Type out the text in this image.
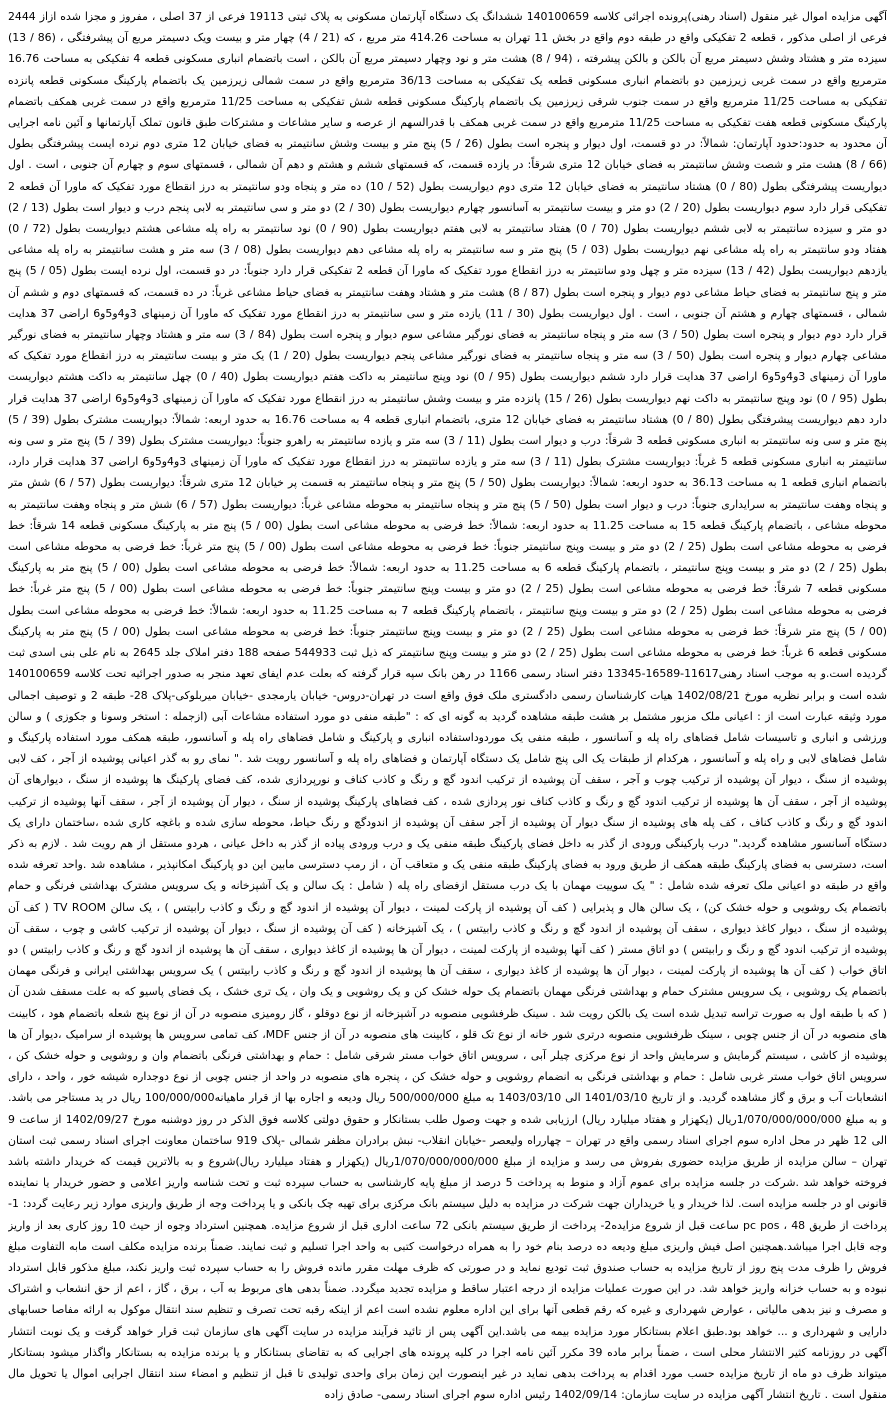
آگهی مزایده اموال غیر منقول (اسناد رهنی)پرونده اجرائی کلاسه 140100659 ششدانگ یک دستگاه آپارتمان مسکونی به پلاک ثبتی 19113 فرعی از 37 اصلی ، مفروز و مجزا شده ازاز 2444 فرعی از اصلی مذکور ، قطعه 2 تفکیکی واقع در طبقه دوم واقع در بخش 11 تهران به مساحت 414.26 متر مربع ، که (21 / 4) چهار متر و بیست ویک دسیمتر مربع آن پیشرفتگی ، (86 / 13) سیزده متر و هشتاد وشش دسیمتر مربع آن بالکن و بالکن پیشرفته ، (94 / 8) هشت متر و نود وچهار دسیمتر مربع آن بالکن ، است باتضمام انباری مسکونی قطعه 4 تفکیکی به مساحت 16.76 مترمربع واقع در سمت غربی زیرزمین دو باتضمام انباری مسکونی قطعه یک تفکیکی به مساحت 36/13 مترمربع واقع در سمت شمالی زیرزمین یک باتضمام پارکینگ مسکونی قطعه پانزده تفکیکی به مساحت 11/25 مترمربع واقع در سمت جنوب شرقی زیرزمین یک باتضمام پارکینگ مسکونی قطعه شش تفکیکی به مساحت 11/25 مترمربع واقع در سمت غربی همکف باتضمام پارکینگ مسکونی قطعه هفت تفکیکی به مساحت 11/25 مترمربع واقع در سمت غربی همکف با قدرالسهم از عرصه و سایر مشاعات و مشترکات طبق قانون تملک آپارتمانها و آئین نامه اجرایی آن محدود به حدود:حدود آپارتمان: شمالاً: در دو قسمت، اول دیوار و پنجره است بطول (26 / 5) پنج متر و بیست وشش سانتیمتر به فضای خیابان 12 متری دوم نرده ایست پیشرفتگی بطول (66 / 8) هشت متر و شصت وشش سانتیمتر به فضای خیابان 12 متری شرقاً: در یازده قسمت، که قسمتهای ششم و هشتم و دهم آن شمالی ، قسمتهای سوم و چهارم آن جنوبی ، است . اول دیواریست پیشرفتگی بطول (80 / 0) هشتاد سانتیمتر به فضای خیابان 12 متری دوم دیواریست بطول (52 / 10) ده متر و پنجاه ودو سانتیمتر به درز انقطاع مورد تفکیک که ماورا آن قطعه 2 تفکیکی قرار دارد سوم دیواریست بطول (20 / 2) دو متر و بیست سانتیمتر به آسانسور چهارم دیواریست بطول (30 / 2) دو متر و سی سانتیمتر به لابی پنجم درب و دیوار است بطول (13 / 2) دو متر و سیزده سانتیمتر به لابی ششم دیواریست بطول (70 / 0) هفتاد سانتیمتر به لابی هفتم دیواریست بطول (90 / 0) نود سانتیمتر به راه پله مشاعی هشتم دیواریست بطول (72 / 0) هفتاد ودو سانتیمتر به راه پله مشاعی نهم دیواریست بطول (03 / 5) پنج متر و سه سانتیمتر به راه پله مشاعی دهم دیواریست بطول (08 / 3) سه متر و هشت سانتیمتر به راه پله مشاعی یازدهم دیواریست بطول (42 / 13) سیزده متر و چهل ودو سانتیمتر به درز انقطاع مورد تفکیک که ماورا آن قطعه 2 تفکیکی قرار دارد جنوباً: در دو قسمت، اول نرده ایست بطول (05 / 5) پنج متر و پنج سانتیمتر به فضای حیاط مشاعی دوم دیوار و پنجره است بطول (87 / 8) هشت متر و هشتاد وهفت سانتیمتر به فضای حیاط مشاعی غرباً: در ده قسمت، که قسمتهای دوم و ششم آن شمالی ، قسمتهای چهارم و هشتم آن جنوبی ، است . اول دیواریست بطول (30 / 11) یازده متر و سی سانتیمتر به درز انقطاع مورد تفکیک که ماورا آن زمینهای 3و4و5و6 اراضی 37 هدایت قرار دارد دوم دیوار و پنجره است بطول (50 / 3) سه متر و پنجاه سانتیمتر به فضای نورگیر مشاعی سوم دیوار و پنجره است بطول (84 / 3) سه متر و هشتاد وچهار سانتیمتر به فضای نورگیر مشاعی چهارم دیوار و پنجره است بطول (50 / 3) سه متر و پنجاه سانتیمتر به فضای نورگیر مشاعی پنجم دیواریست بطول (20 / 1) یک متر و بیست سانتیمتر به درز انقطاع مورد تفکیک که ماورا آن زمینهای 3و4و5و6 اراضی 37 هدایت قرار دارد ششم دیواریست بطول (95 / 0) نود وپنج سانتیمتر به داکت هفتم دیواریست بطول (40 / 0) چهل سانتیمتر به داکت هشتم دیواریست بطول (95 / 0) نود وپنج سانتیمتر به داکت نهم دیواریست بطول (26 / 15) پانزده متر و بیست وشش سانتیمتر به درز انقطاع مورد تفکیک که ماورا آن زمینهای 3و4و5و6 اراضی 37 هدایت قرار دارد دهم دیواریست پیشرفتگی بطول (80 / 0) هشتاد سانتیمتر به فضای خیابان 12 متری، باتضمام انباری قطعه 4 به مساحت 16.76 به حدود اربعه: شمالاً: دیواریست مشترک بطول (39 / 5) پنج متر و سی ونه سانتیمتر به انباری مسکونی قطعه 3 شرقاً: درب و دیوار است بطول (11 / 3) سه متر و یازده سانتیمتر به راهرو جنوباً: دیواریست مشترک بطول (39 / 5) پنج متر و سی ونه سانتیمتر به انباری مسکونی قطعه 5 غرباً: دیواریست مشترک بطول (11 / 3) سه متر و یازده سانتیمتر به درز انقطاع مورد تفکیک که ماورا آن زمینهای 3و4و5و6 اراضی 37 هدایت قرار دارد، باتضمام انباری قطعه 1 به مساحت 36.13 به حدود اربعه: شمالاً: دیواریست بطول (50 / 5) پنج متر و پنجاه سانتیمتر به قسمت پر خیابان 12 متری شرقاً: دیواریست بطول (57 / 6) شش متر و پنجاه وهفت سانتیمتر به سرایداری جنوباً: درب و دیوار است بطول (50 / 5) پنج متر و پنجاه سانتیمتر به محوطه مشاعی غرباً: دیواریست بطول (57 / 6) شش متر و پنجاه وهفت سانتیمتر به محوطه مشاعی ، باتضمام پارکینگ قطعه 15 به مساحت 11.25 به حدود اربعه: شمالاً: خط فرضی به محوطه مشاعی است بطول (00 / 5) پنج متر به پارکینگ مسکونی قطعه 14 شرقاً: خط فرضی به محوطه مشاعی است بطول (25 / 2) دو متر و بیست وپنج سانتیمتر جنوباً: خط فرضی به محوطه مشاعی است بطول (00 / 5) پنج متر غرباً: خط فرضی به محوطه مشاعی است بطول (25 / 2) دو متر و بیست وپنج سانتیمتر ، باتضمام پارکینگ قطعه 6 به مساحت 11.25 به حدود اربعه: شمالاً: خط فرضی به محوطه مشاعی است بطول (00 / 5) پنج متر به پارکینگ مسکونی قطعه 7 شرقاً: خط فرضی به محوطه مشاعی است بطول (25 / 2) دو متر و بیست وپنج سانتیمتر جنوباً: خط فرضی به محوطه مشاعی است بطول (00 / 5) پنج متر غرباً: خط فرضی به محوطه مشاعی است بطول (25 / 2) دو متر و بیست وپنج سانتیمتر ، باتضمام پارکینگ قطعه 7 به مساحت 11.25 به حدود اربعه: شمالاً: خط فرضی به محوطه مشاعی است بطول (00 / 5) پنج متر شرقاً: خط فرضی به محوطه مشاعی است بطول (25 / 2) دو متر و بیست وپنج سانتیمتر جنوباً: خط فرضی به محوطه مشاعی است بطول (00 / 5) پنج متر به پارکینگ مسکونی قطعه 6 غرباً: خط فرضی به محوطه مشاعی است بطول (25 / 2) دو متر و بیست وپنج سانتیمتر که ذیل ثبت 544933 صفحه 188 دفتر املاک جلد 2645 به نام علی بنی اسدی ثبت گردیده است.و به موجب اسناد رهنی11617-16589-13345 دفتر اسناد رسمی 1166 در رهن بانک سپه قرار گرفته که بعلت عدم ایفای تعهد منجر به صدور اجرائیه تحت کلاسه 140100659 شده است و برابر نظریه مورخ 1402/08/21 هیات کارشناسان رسمی دادگستری ملک فوق واقع است در تهران-دروس- خیابان یارمجدی -خیابان میربلوکی-پلاک 28- طبقه 2 و توصیف اجمالی مورد وثیقه عبارت است از : اعیانی ملک مزبور مشتمل بر هشت طبقه مشاهده گردید به گونه ای که : "طبقه منفی دو مورد استفاده مشاعات آبی (ازجمله : استخر وسونا و جکوزی ) و سالن ورزشی و انباری و تاسیسات شامل فضاهای راه پله و آسانسور ، طبقه منفی یک موردوداستفاده انباری و پارکینگ و شامل فضاهای راه پله و آسانسور، طبقه همکف مورد استفاده پارکینگ و شامل فضاهای لابی و راه پله و آسانسور ، هرکدام از طبقات یک الی پنج شامل یک دستگاه آپارتمان و فضاهای راه پله و آسانسور رویت شد ." نمای رو به گذر اعیانی پوشیده از آجر ، کف لابی پوشیده از سنگ ، دیوار آن پوشیده از ترکیب چوب و آجر ، سقف آن پوشیده از ترکیب اندود گچ و رنگ و کاذب کناف و نورپردازی شده، کف فضای پارکینگ ها پوشیده از سنگ ، دیوارهای آن پوشیده از آجر ، سقف آن ها پوشیده از ترکیب اندود گچ و رنگ و کاذب کناف نور پردازی شده ، کف فضاهای پارکینگ پوشیده از سنگ ، دیوار آن پوشیده از آجر ، سقف آنها پوشیده از ترکیب اندود گچ و رنگ و کاذب کناف ، کف پله های پوشیده از سنگ دیوار آن پوشیده از آجر سقف آن پوشیده از اندودگچ و رنگ حیاط، محوطه سازی شده و باغچه کاری شده ،ساختمان دارای یک دستگاه آسانسور مشاهده گردید." درب پارکینگی ورودی از گذر به داخل فضای پارکینگ طبقه منفی یک و درب ورودی پیاده از گذر به داخل عیانی ، هردو مستقل از هم رویت شد . لازم به ذکر است، دسترسی به فضای پارکینگ طبقه همکف از طریق ورود به فضای پارکینگ طبقه منفی یک و متعاقب آن ، از رمپ دسترسی مابین این دو پارکینگ امکانپذیر ، مشاهده شد .واحد تعرفه شده واقع در طبقه دو اعیانی ملک تعرفه شده شامل : " یک سوییت مهمان با یک درب مستقل ازفضای راه پله ( شامل : یک سالن و یک آشپزخانه و یک سرویس مشترک بهداشتی فرنگی و حمام باتضمام یک روشویی و حوله خشک کن) ، یک سالن هال و پذیرایی ( کف آن پوشیده از پارکت لمینت ، دیوار آن پوشیده از اندود گچ و رنگ و کاذب رابیتس ) ، یک سالن TV ROOM ( کف آن پوشیده از سنگ ، دیوار کاغذ دیواری ، سقف آن پوشیده از اندود گچ و رنگ و کاذب رابیتس ) ، یک آشپزخانه ( کف آن پوشیده از سنگ ، دیوار آن پوشیده از ترکیب کاشی و چوب ، سقف آن پوشیده از ترکیب اندود گچ و رنگ و رابیتس ) دو اتاق مستر ( کف آنها پوشیده از پارکت لمینت ، دیوار آن ها پوشیده از کاغذ دیواری ، سقف آن ها پوشیده از اندود گچ و رنگ و کاذب رابیتس ) دو اتاق خواب ( کف آن ها پوشیده از پارکت لمینت ، دیوار آن ها پوشیده از کاغذ دیواری ، سقف آن ها پوشیده از اندود گچ و رنگ و کاذب رابیتس ) یک سرویس بهداشتی ایرانی و فرنگی مهمان باتضمام یک روشویی ، یک سرویس مشترک حمام و بهداشتی فرنگی مهمان باتضمام یک حوله خشک کن و یک روشویی و یک وان ، یک تری خشک ، یک فضای پاسیو که به علت مسقف شدن آن ( که با طبقه اول به صورت تراسه تبدیل شده است یک بالکن رویت شد . سینک ظرفشویی منصوبه در آشپزخانه از نوع دوقلو ، گاز رومیزی منصوبه در آن از نوع پنج شعله باتضمام هود ، کابینت های منصوبه در آن از جنس چوبی ، سینک ظرفشویی منصوبه درتری شور خانه از نوع تک قلو ، کابینت های منصوبه در آن از جنس MDF، کف تمامی سرویس ها پوشیده از سرامیک ،دیوار آن ها پوشیده از کاشی ، سیستم گرمایش و سرمایش واحد از نوع مرکزی چیلر آبی ، سرویس اتاق خواب مستر شرقی شامل : حمام و بهداشتی فرنگی باتضمام وان و روشویی و حوله خشک کن ، سرویس اتاق خواب مستر غربی شامل : حمام و بهداشتی فرنگی به انضمام روشویی و حوله خشک کن ، پنجره های منصوبه در واحد از جنس چوبی از نوع دوجداره شیشه خور ، واحد ، دارای انشعابات آب و برق و گاز مشاهده گردید. و از تاریخ 1401/03/10 الی 1403/03/10 به مبلغ 500/000/000 ریال ودیعه و اجاره بها از قرار ماهیانه100/000/000 ریال در ید مستاجر می باشد. و به مبلغ 1/070/000/000/000ریال (یکهزار و هفتاد میلیارد ریال) ارزیابی شده و جهت وصول طلب بستانکار و حقوق دولتی کلاسه فوق الذکر در روز دوشنبه مورخ 1402/09/27 از ساعت 9 الی 12 ظهر در محل اداره سوم اجرای اسناد رسمی واقع در تهران – چهارراه ولیعصر -خیابان انقلاب- نبش برادران مظفر شمالی -پلاک 919 ساختمان معاونت اجرای اسناد رسمی ثبت استان تهران – سالن مزایده از طریق مزایده حضوری بفروش می رسد و مزایده از مبلغ 1/070/000/000/000ریال (یکهزار و هفتاد میلیارد ریال)شروع و به بالاترین قیمت که خریدار داشته باشد فروخته خواهد شد .شرکت در جلسه مزایده برای عموم آزاد و منوط به پرداخت 5 درصد از مبلغ پایه کارشناسی به حساب سپرده ثبت و تحت شناسه واریز اعلامی و حضور خریدار یا نماینده قانونی او در جلسه مزایده است. لذا خریدار و یا خریداران جهت شرکت در مزایده به دلیل سیستم بانک مرکزی برای تهیه چک بانکی و یا پرداخت وجه از طریق واریزی موارد زیر رعایت گردد: 1- پرداخت از طریق pc pos ، 48 ساعت قبل از شروع مزایده2- پرداخت از طریق سیستم بانکی 72 ساعت اداری قبل از شروع مزایده. همچنین استرداد وجوه از حیث 10 روز کاری بعد از واریز وجه قابل اجرا میباشد.همچنین اصل فیش واریزی مبلغ ودیعه ده درصد بنام خود را به همراه درخواست کتبی به واحد اجرا تسلیم و ثبت نمایند. ضمناً برنده مزایده مکلف است مابه التفاوت مبلغ فروش را ظرف مدت پنج روز از تاریخ مزایده به حساب صندوق ثبت تودیع نماید و در صورتی که ظرف مهلت مقرر مانده فروش را به حساب سپرده ثبت واریز نکند، مبلغ مذکور قابل استرداد نبوده و به حساب خزانه واریز خواهد شد. در این صورت عملیات مزایده از درجه اعتبار ساقط و مزایده تجدید میگردد. ضمناً بدهی های مربوط به آب ، برق ، گاز ، اعم از حق انشعاب و اشتراک و مصرف و نیز بدهی مالیاتی ، عوارض شهرداری و غیره که رقم قطعی آنها برای این اداره معلوم نشده است اعم از اینکه رقبه تحت تصرف و تنظیم سند انتقال موکول به ارائه مفاصا حسابهای دارایی و شهرداری و ... خواهد بود.طبق اعلام بستانکار مورد مزایده بیمه می باشد.این آگهی پس از تائید فرآیند مزایده در سایت آگهی های سازمان ثبت قرار خواهد گرفت و یک نوبت انتشار آگهی در روزنامه کثیر الانتشار محلی است ، ضمناً برابر ماده 39 مکرر آئین نامه اجرا در کلیه پرونده های اجرایی که به تقاضای بستانکار و یا برنده مزایده به بستانکار واگذار میشود بستانکار میتواند ظرف دو ماه از تاریخ مزایده حسب مورد اقدام به پرداخت بدهی نماید در غیر اینصورت این زمان برای واحدی تولیدی تا قبل از تنظیم و امضاء سند انتقال اجرایی اموال یا تحویل مال منقول است . تاریخ انتشار آگهی مزایده در سایت سازمان: 1402/09/14 رئیس اداره سوم اجرای اسناد رسمی- صادق زاده
